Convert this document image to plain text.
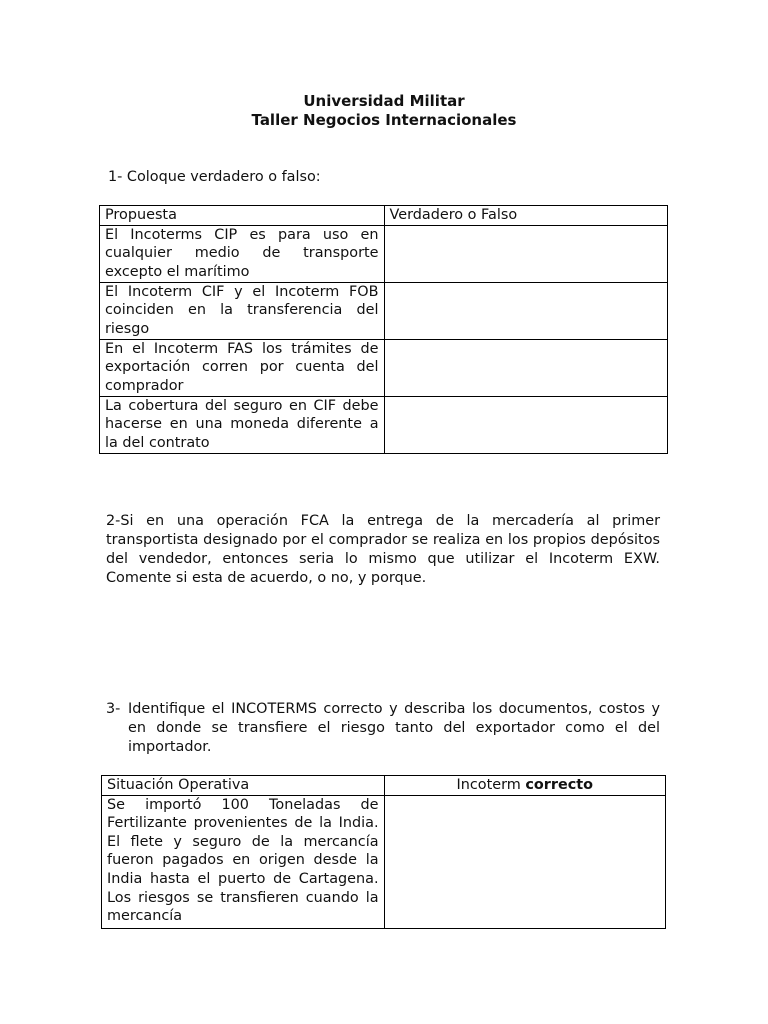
Universidad Militar
Taller Negocios Internacionales
1- Coloque verdadero o falso:
Propuesta	Verdadero o Falso
El Incoterms CIP es para uso en cualquier medio de transporte excepto el marítimo	
El Incoterm CIF y el Incoterm FOB coinciden en la transferencia del riesgo	
En el Incoterm FAS los trámites de exportación corren por cuenta del comprador	
La cobertura del seguro en CIF debe hacerse en una moneda diferente a la del contrato	
2-Si en una operación FCA la entrega de la mercadería al primer transportista designado por el comprador se realiza en los propios depósitos del vendedor, entonces seria lo mismo que utilizar el Incoterm EXW. Comente si esta de acuerdo, o no, y porque.
3- Identifique el INCOTERMS correcto y describa los documentos, costos y en donde se transfiere el riesgo tanto del exportador como el del importador.
Situación Operativa	Incoterm correcto
Se importó 100 Toneladas de Fertilizante provenientes de la India. El flete y seguro de la mercancía fueron pagados en origen desde la India hasta el puerto de Cartagena. Los riesgos se transfieren cuando la mercancía	
